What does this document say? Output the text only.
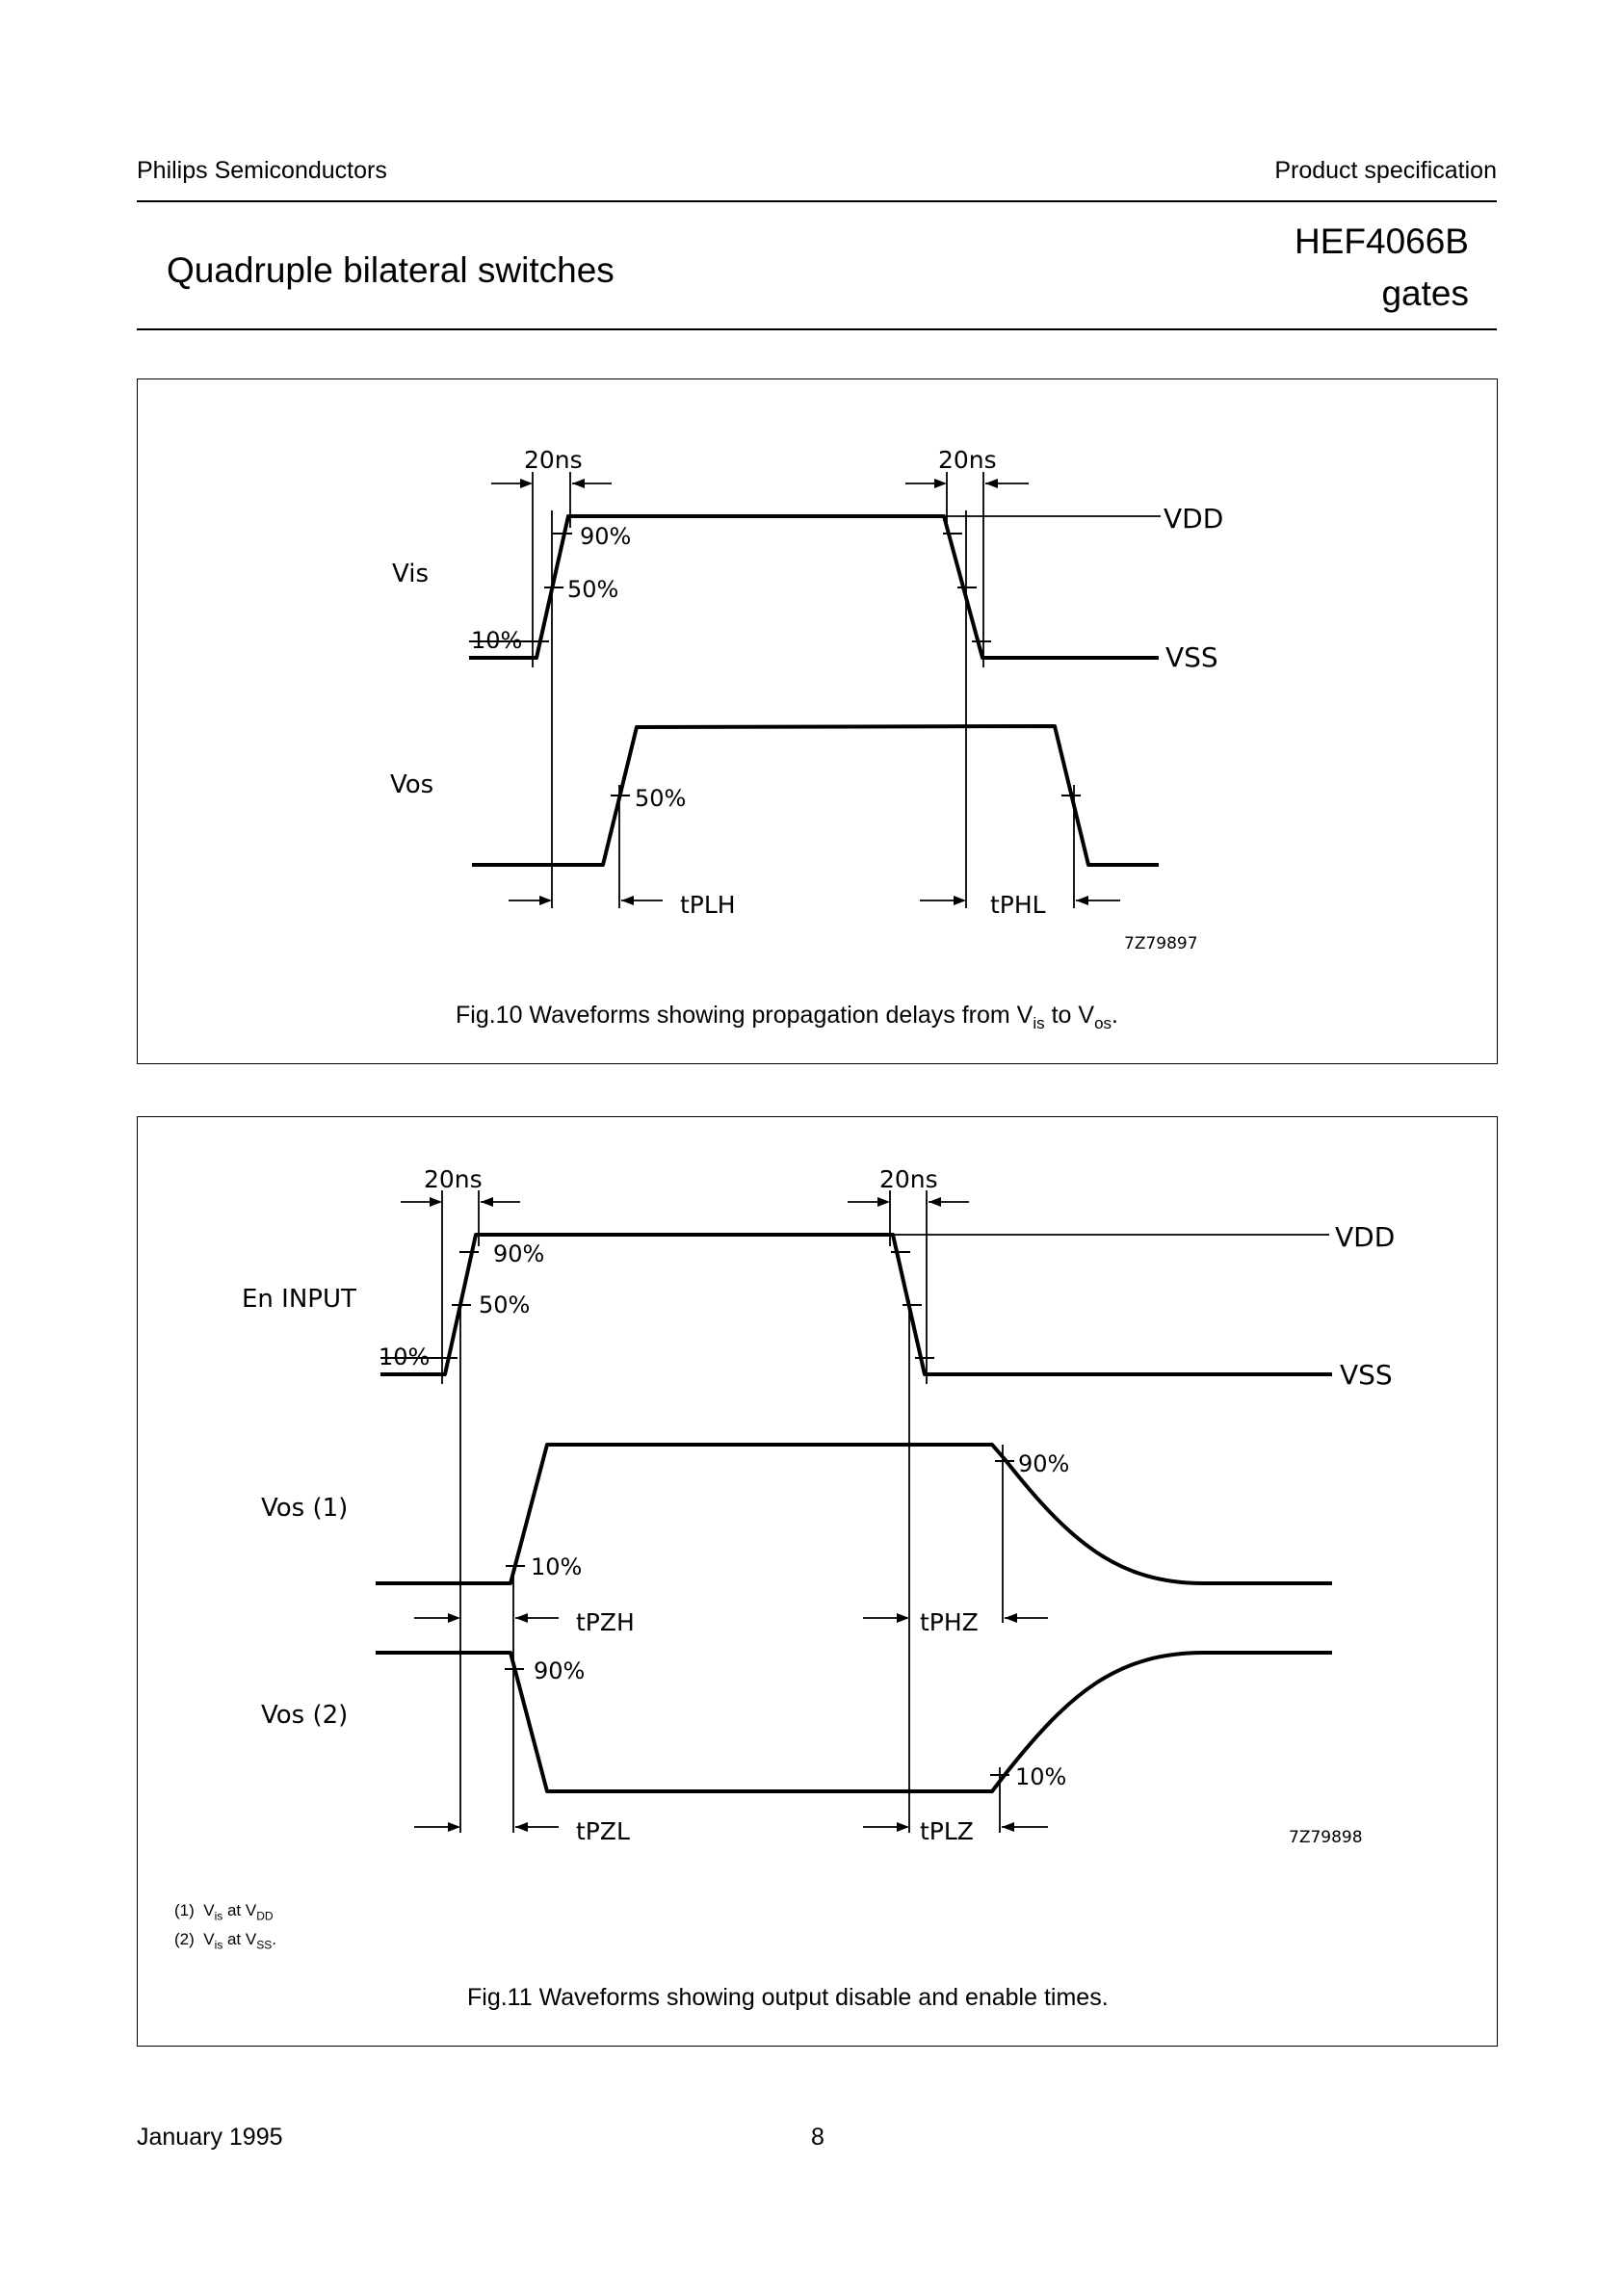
Philips Semiconductors	Product specification
Quadruple bilateral switches
HEF4066B
gates
20ns	20ns
VDD
VSS
Vis
Vos
90%
50%
10%
50%
tPLH	tPHL
7Z79897
Fig.10 Waveforms showing propagation delays from $V_{is}$ to $V_{os}$.
20ns	20ns
VDD
VSS
En INPUT
Vos (1)
Vos (2)
90%
50%
10%
90%
10%
90%
10%
tPZH	tPHZ
tPZL	tPLZ	7Z79898
(1) $V_{is}$ at $V_{DD}$
(2) $V_{is}$ at $V_{SS}$.
Fig.11 Waveforms showing output disable and enable times.
January 1995	8
